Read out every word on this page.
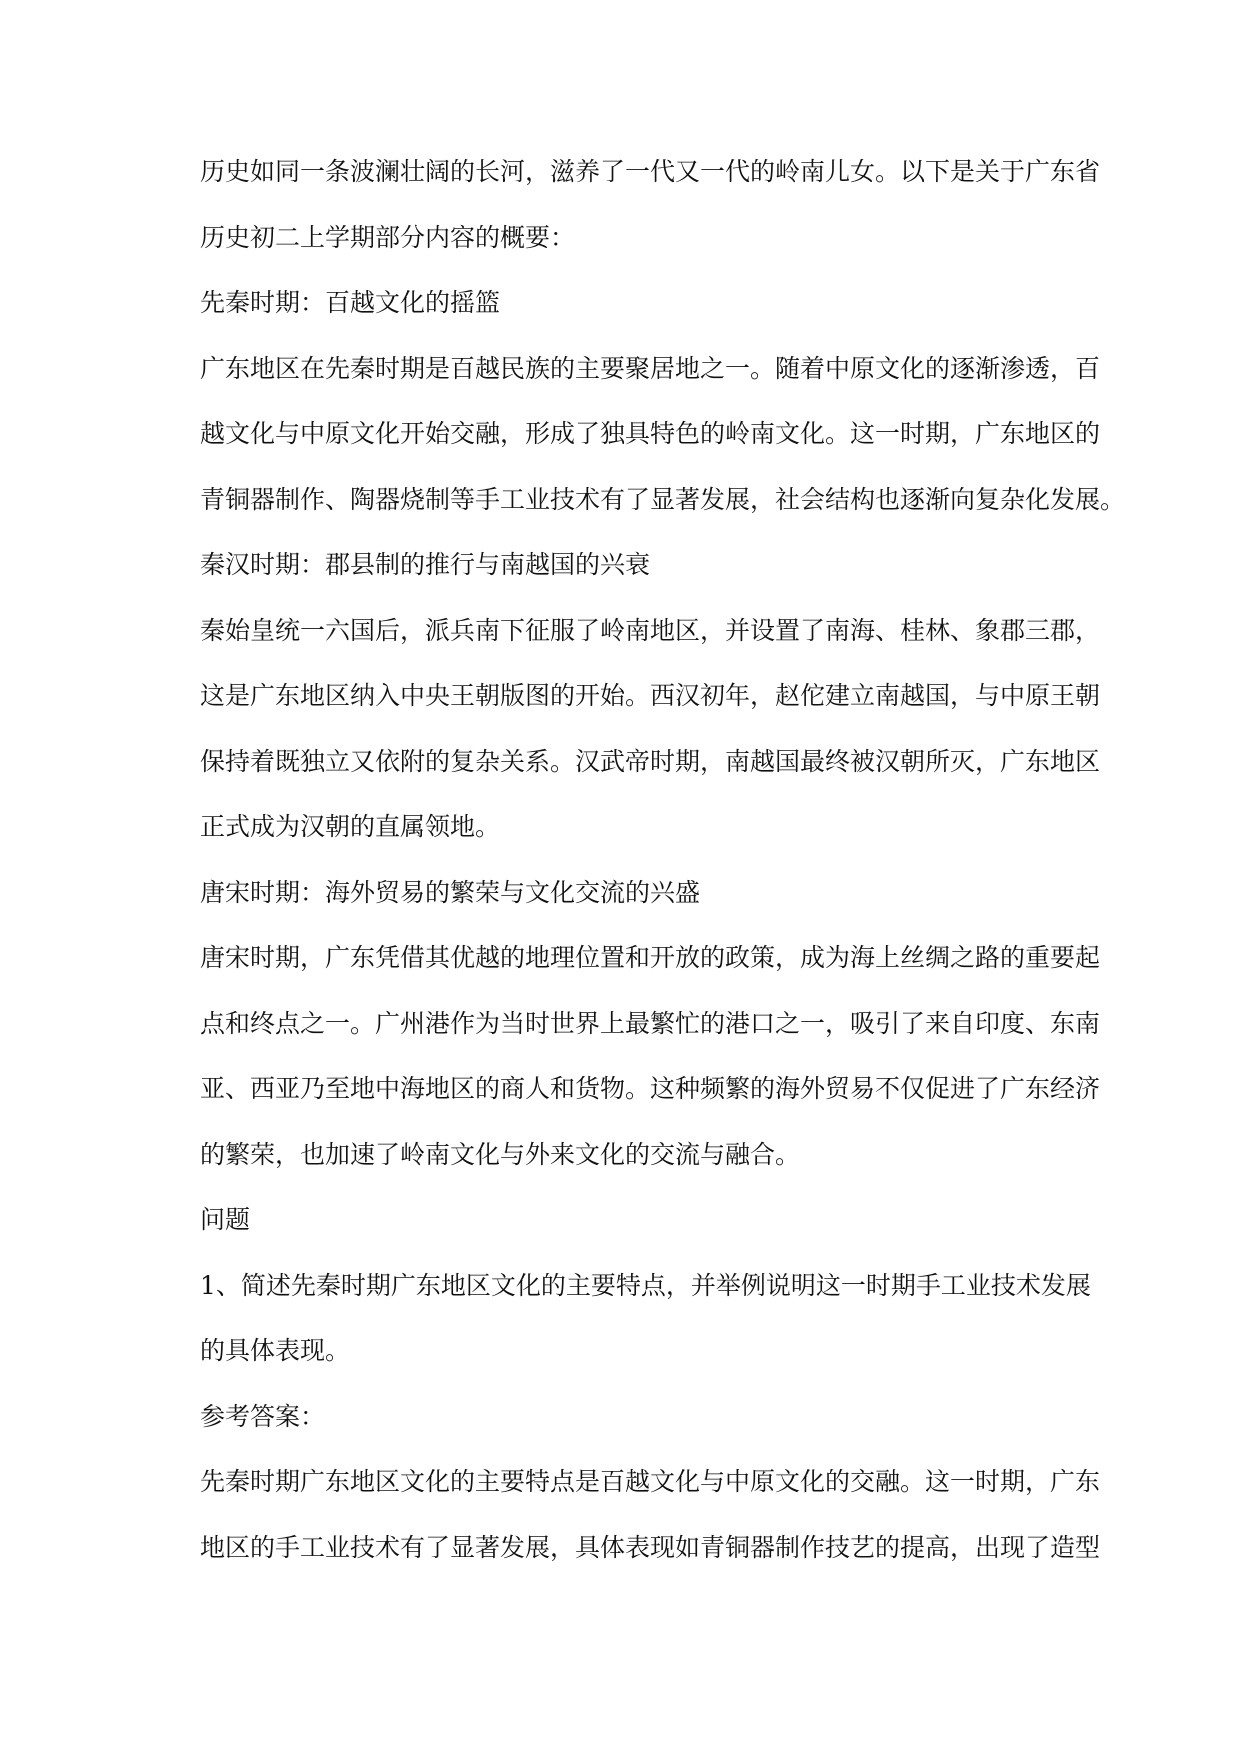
历史如同一条波澜壮阔的长河，滋养了一代又一代的岭南儿女。以下是关于广东省
历史初二上学期部分内容的概要：
先秦时期：百越文化的摇篮
广东地区在先秦时期是百越民族的主要聚居地之一。随着中原文化的逐渐渗透，百
越文化与中原文化开始交融，形成了独具特色的岭南文化。这一时期，广东地区的
青铜器制作、陶器烧制等手工业技术有了显著发展，社会结构也逐渐向复杂化发展。
秦汉时期：郡县制的推行与南越国的兴衰
秦始皇统一六国后，派兵南下征服了岭南地区，并设置了南海、桂林、象郡三郡，
这是广东地区纳入中央王朝版图的开始。西汉初年，赵佗建立南越国，与中原王朝
保持着既独立又依附的复杂关系。汉武帝时期，南越国最终被汉朝所灭，广东地区
正式成为汉朝的直属领地。
唐宋时期：海外贸易的繁荣与文化交流的兴盛
唐宋时期，广东凭借其优越的地理位置和开放的政策，成为海上丝绸之路的重要起
点和终点之一。广州港作为当时世界上最繁忙的港口之一，吸引了来自印度、东南
亚、西亚乃至地中海地区的商人和货物。这种频繁的海外贸易不仅促进了广东经济
的繁荣，也加速了岭南文化与外来文化的交流与融合。
问题
1、简述先秦时期广东地区文化的主要特点，并举例说明这一时期手工业技术发展
的具体表现。
参考答案：
先秦时期广东地区文化的主要特点是百越文化与中原文化的交融。这一时期，广东
地区的手工业技术有了显著发展，具体表现如青铜器制作技艺的提高，出现了造型
